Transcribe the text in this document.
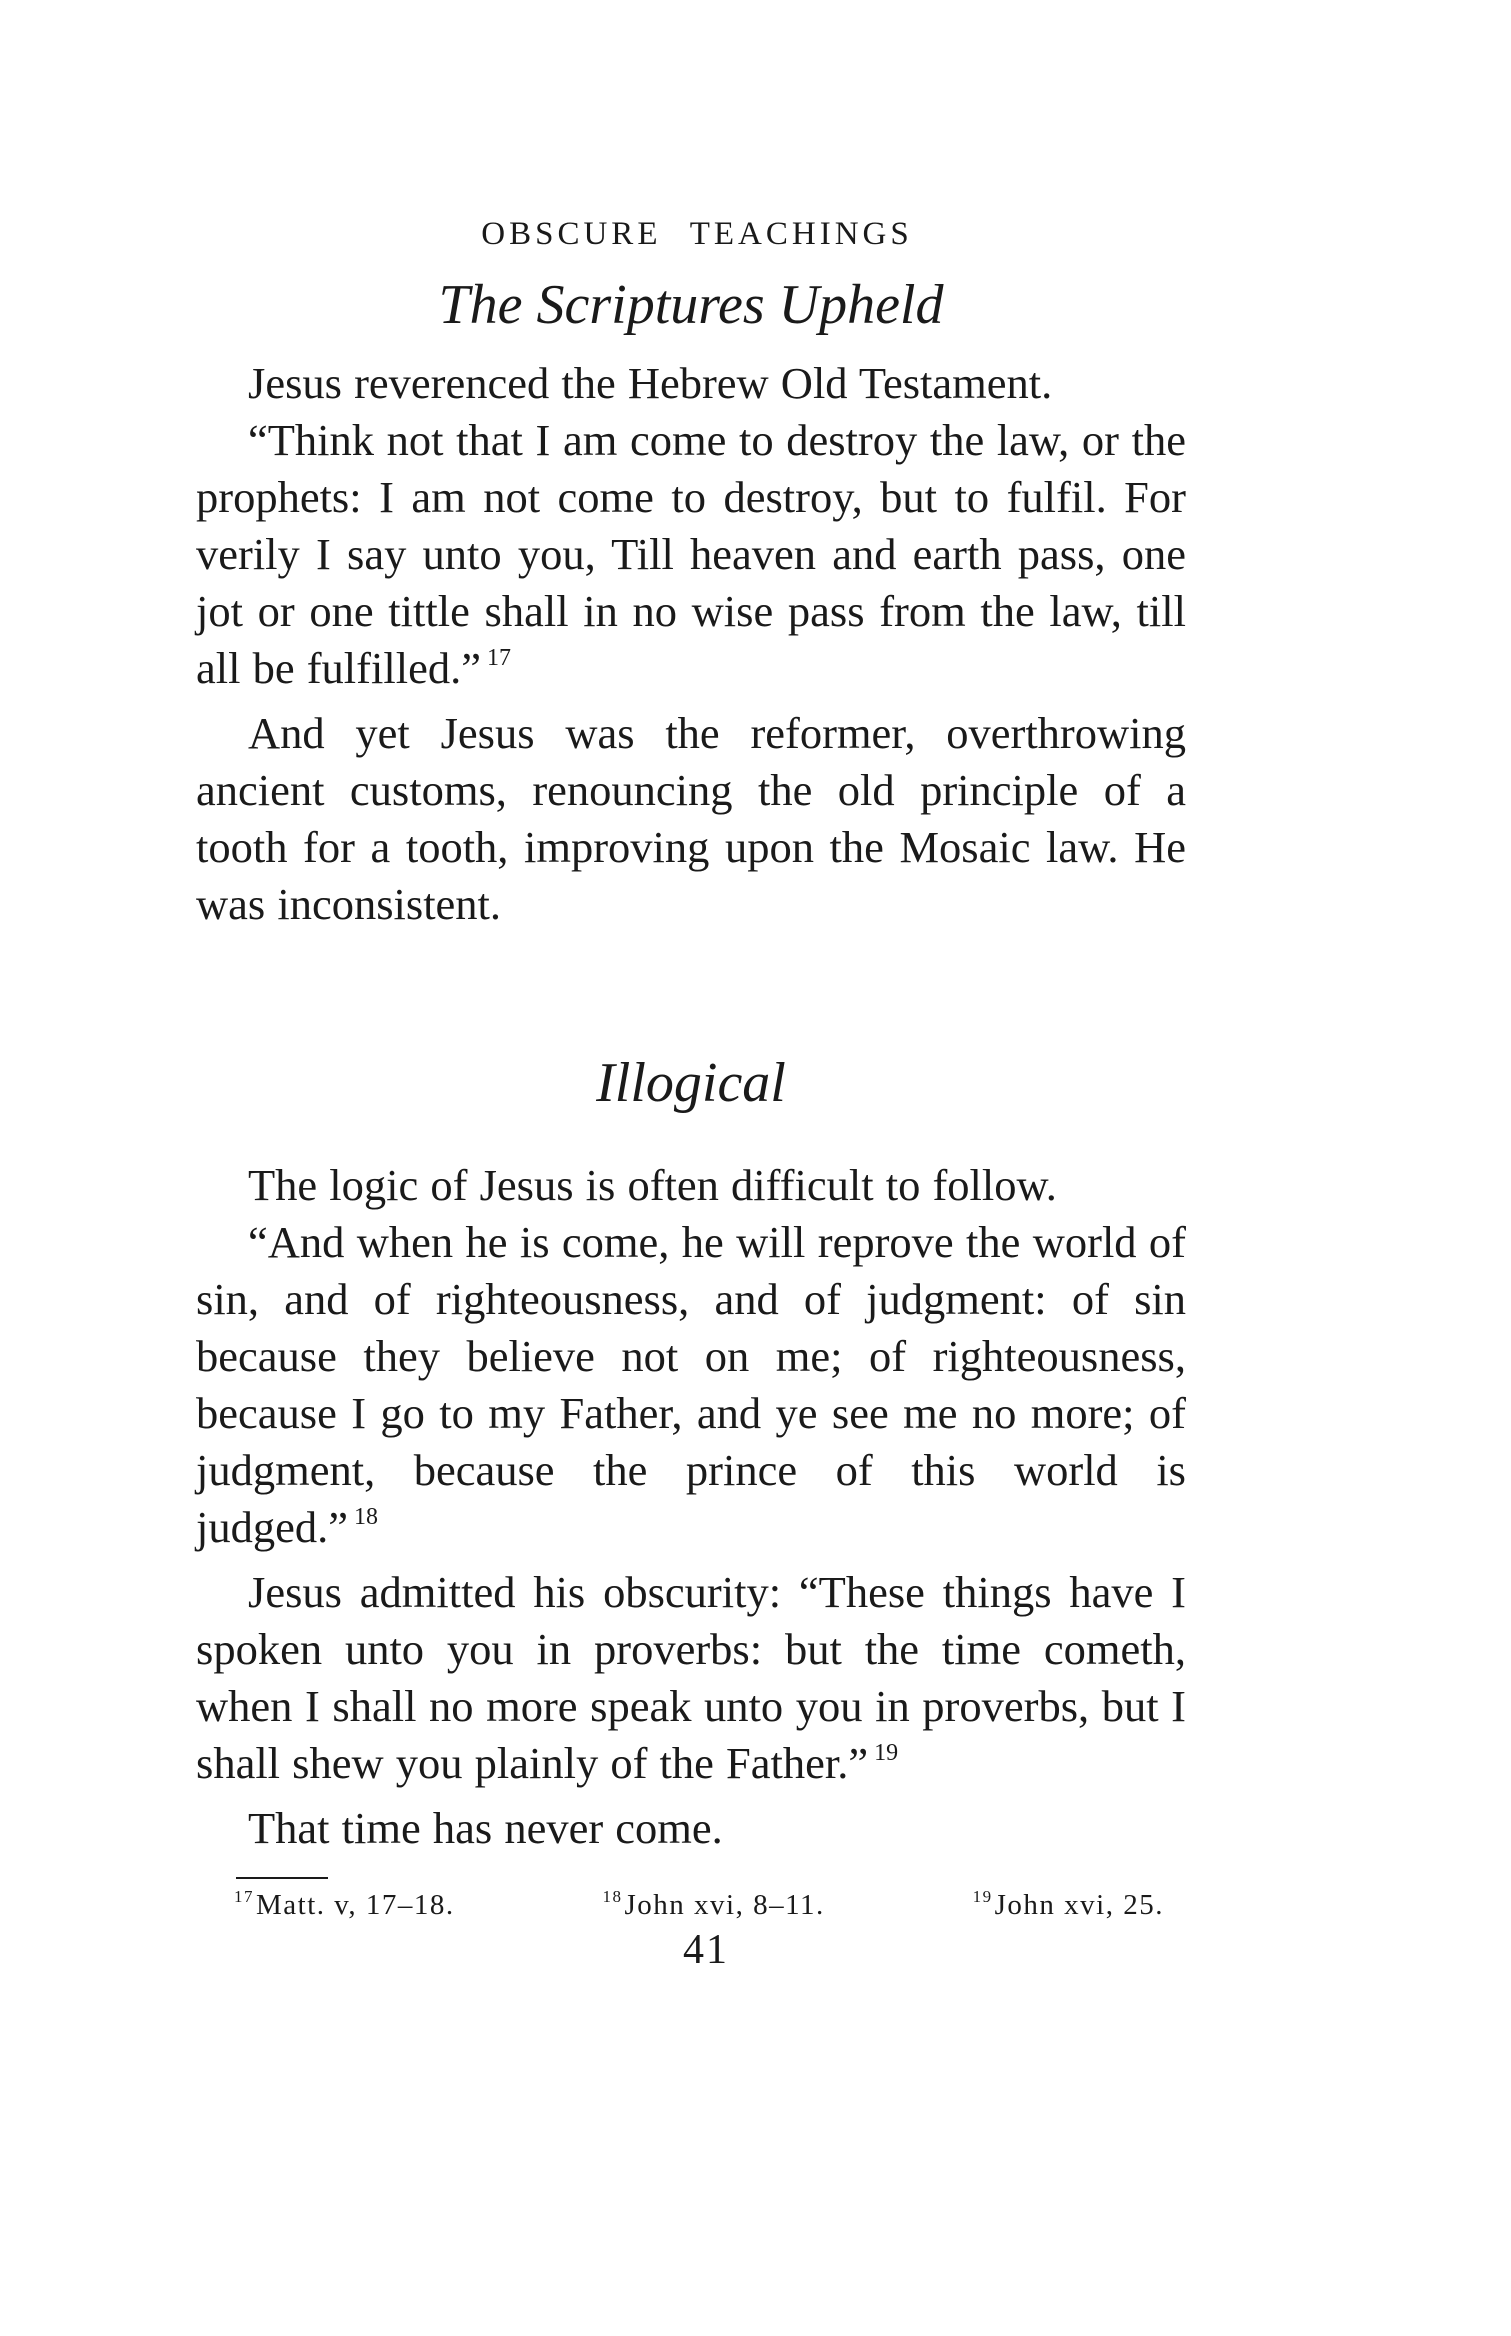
OBSCURE TEACHINGS
The Scriptures Upheld

Jesus reverenced the Hebrew Old Testament.

“Think not that I am come to destroy the law, or the prophets: I am not come to destroy, but to fulfil. For verily I say unto you, Till heaven and earth pass, one jot or one tittle shall in no wise pass from the law, till all be fulfilled.” $^{17}$

And yet Jesus was the reformer, overthrowing ancient customs, renouncing the old principle of a tooth for a tooth, improving upon the Mosaic law. He was inconsistent.

Illogical

The logic of Jesus is often difficult to follow.

“And when he is come, he will reprove the world of sin, and of righteousness, and of judgment: of sin because they believe not on me; of righteousness, because I go to my Father, and ye see me no more; of judgment, because the prince of this world is judged.” $^{18}$

Jesus admitted his obscurity: “These things have I spoken unto you in proverbs: but the time cometh, when I shall no more speak unto you in proverbs, but I shall shew you plainly of the Father.” $^{19}$

That time has never come.

$^{17}$Matt. v, 17–18.	$^{18}$John xvi, 8–11.	$^{19}$John xvi, 25.
41
